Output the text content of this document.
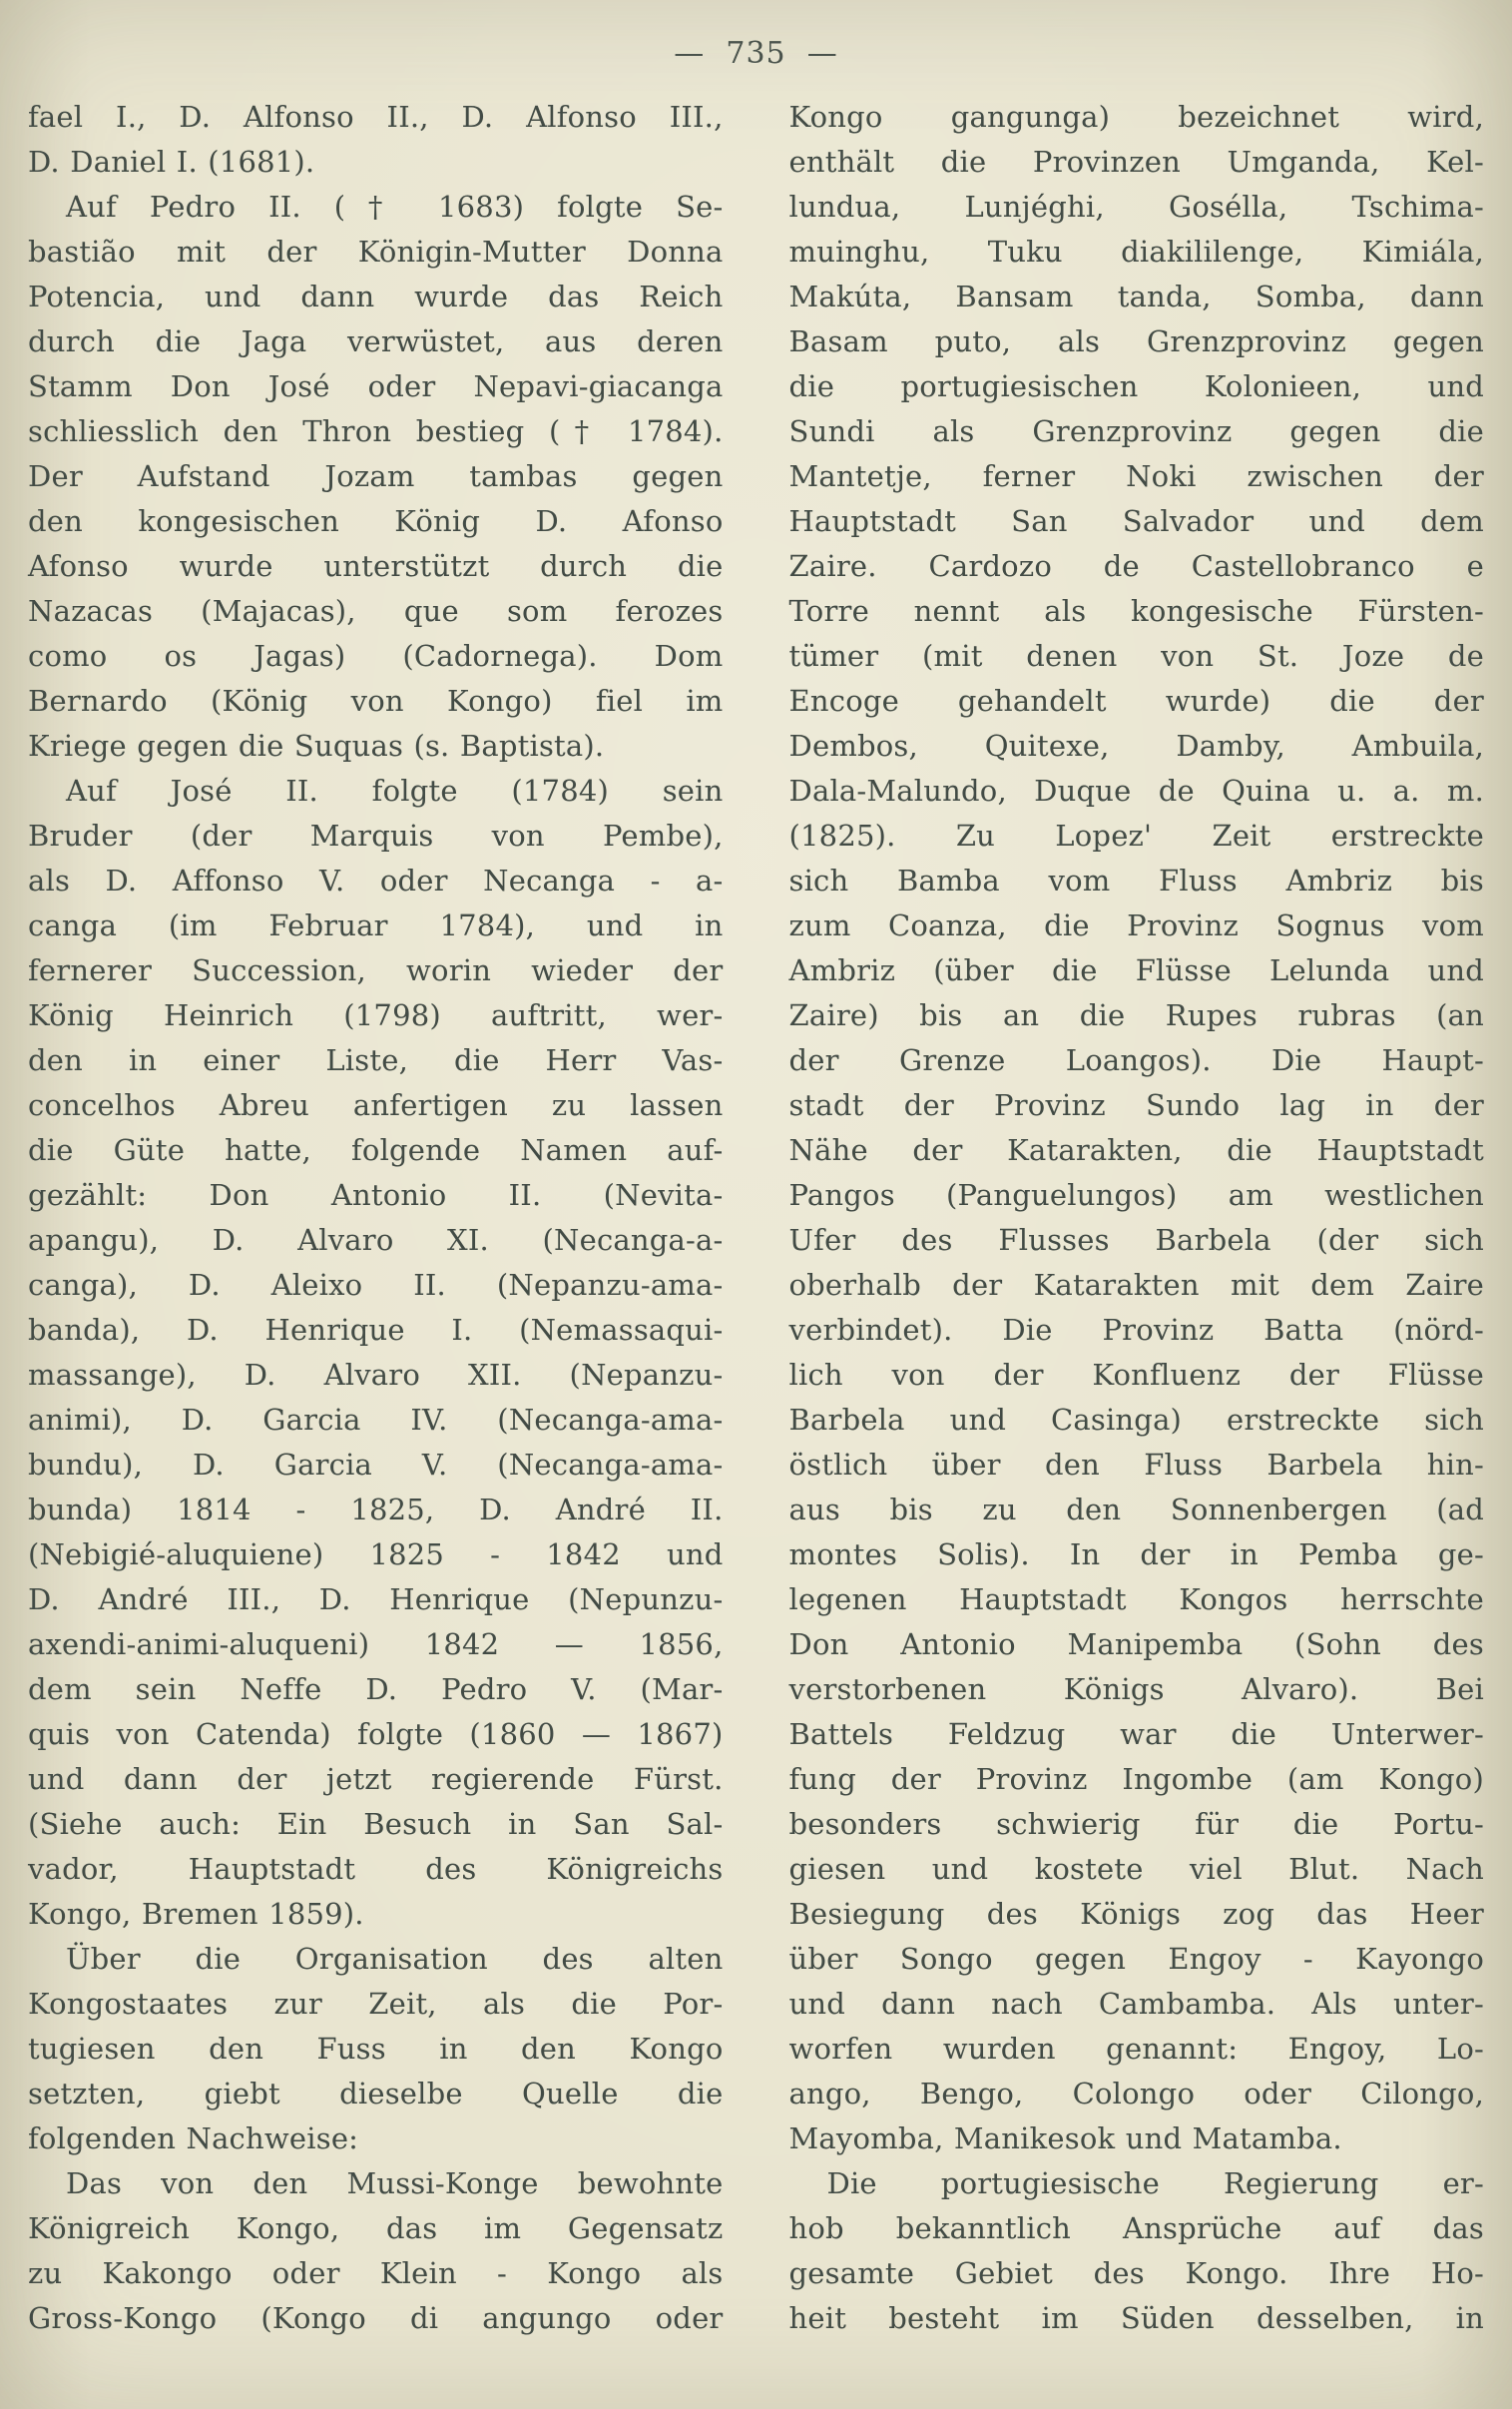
—  735  —
fael I., D. Alfonso II., D. Alfonso III.,
D. Daniel I. (1681).
Auf Pedro II. († 1683) folgte Se-
bastião mit der Königin-Mutter Donna
Potencia, und dann wurde das Reich
durch die Jaga verwüstet, aus deren
Stamm Don José oder Nepavi-giacanga
schliesslich den Thron bestieg († 1784).
Der Aufstand Jozam tambas gegen
den kongesischen König D. Afonso
Afonso wurde unterstützt durch die
Nazacas (Majacas), que som ferozes
como os Jagas) (Cadornega). Dom
Bernardo (König von Kongo) fiel im
Kriege gegen die Suquas (s. Baptista).
Auf José II. folgte (1784) sein
Bruder (der Marquis von Pembe),
als D. Affonso V. oder Necanga - a-
canga (im Februar 1784), und in
fernerer Succession, worin wieder der
König Heinrich (1798) auftritt, wer-
den in einer Liste, die Herr Vas-
concelhos Abreu anfertigen zu lassen
die Güte hatte, folgende Namen auf-
gezählt: Don Antonio II. (Nevita-
apangu), D. Alvaro XI. (Necanga-a-
canga), D. Aleixo II. (Nepanzu-ama-
banda), D. Henrique I. (Nemassaqui-
massange), D. Alvaro XII. (Nepanzu-
animi), D. Garcia IV. (Necanga-ama-
bundu), D. Garcia V. (Necanga-ama-
bunda) 1814 - 1825, D. André II.
(Nebigié-aluquiene) 1825 - 1842 und
D. André III., D. Henrique (Nepunzu-
axendi-animi-aluqueni) 1842 — 1856,
dem sein Neffe D. Pedro V. (Mar-
quis von Catenda) folgte (1860 — 1867)
und dann der jetzt regierende Fürst.
(Siehe auch: Ein Besuch in San Sal-
vador, Hauptstadt des Königreichs
Kongo, Bremen 1859).
Über die Organisation des alten
Kongostaates zur Zeit, als die Por-
tugiesen den Fuss in den Kongo
setzten, giebt dieselbe Quelle die
folgenden Nachweise:
Das von den Mussi-Konge bewohnte
Königreich Kongo, das im Gegensatz
zu Kakongo oder Klein - Kongo als
Gross-Kongo (Kongo di angungo oder
Kongo gangunga) bezeichnet wird,
enthält die Provinzen Umganda, Kel-
lundua, Lunjéghi, Gosélla, Tschima-
muinghu, Tuku diakililenge, Kimiála,
Makúta, Bansam tanda, Somba, dann
Basam puto, als Grenzprovinz gegen
die portugiesischen Kolonieen, und
Sundi als Grenzprovinz gegen die
Mantetje, ferner Noki zwischen der
Hauptstadt San Salvador und dem
Zaire. Cardozo de Castellobranco e
Torre nennt als kongesische Fürsten-
tümer (mit denen von St. Joze de
Encoge gehandelt wurde) die der
Dembos, Quitexe, Damby, Ambuila,
Dala-Malundo, Duque de Quina u. a. m.
(1825). Zu Lopez' Zeit erstreckte
sich Bamba vom Fluss Ambriz bis
zum Coanza, die Provinz Sognus vom
Ambriz (über die Flüsse Lelunda und
Zaire) bis an die Rupes rubras (an
der Grenze Loangos). Die Haupt-
stadt der Provinz Sundo lag in der
Nähe der Katarakten, die Hauptstadt
Pangos (Panguelungos) am westlichen
Ufer des Flusses Barbela (der sich
oberhalb der Katarakten mit dem Zaire
verbindet). Die Provinz Batta (nörd-
lich von der Konfluenz der Flüsse
Barbela und Casinga) erstreckte sich
östlich über den Fluss Barbela hin-
aus bis zu den Sonnenbergen (ad
montes Solis). In der in Pemba ge-
legenen Hauptstadt Kongos herrschte
Don Antonio Manipemba (Sohn des
verstorbenen Königs Alvaro). Bei
Battels Feldzug war die Unterwer-
fung der Provinz Ingombe (am Kongo)
besonders schwierig für die Portu-
giesen und kostete viel Blut. Nach
Besiegung des Königs zog das Heer
über Songo gegen Engoy - Kayongo
und dann nach Cambamba. Als unter-
worfen wurden genannt: Engoy, Lo-
ango, Bengo, Colongo oder Cilongo,
Mayomba, Manikesok und Matamba.
Die portugiesische Regierung er-
hob bekanntlich Ansprüche auf das
gesamte Gebiet des Kongo. Ihre Ho-
heit besteht im Süden desselben, in
